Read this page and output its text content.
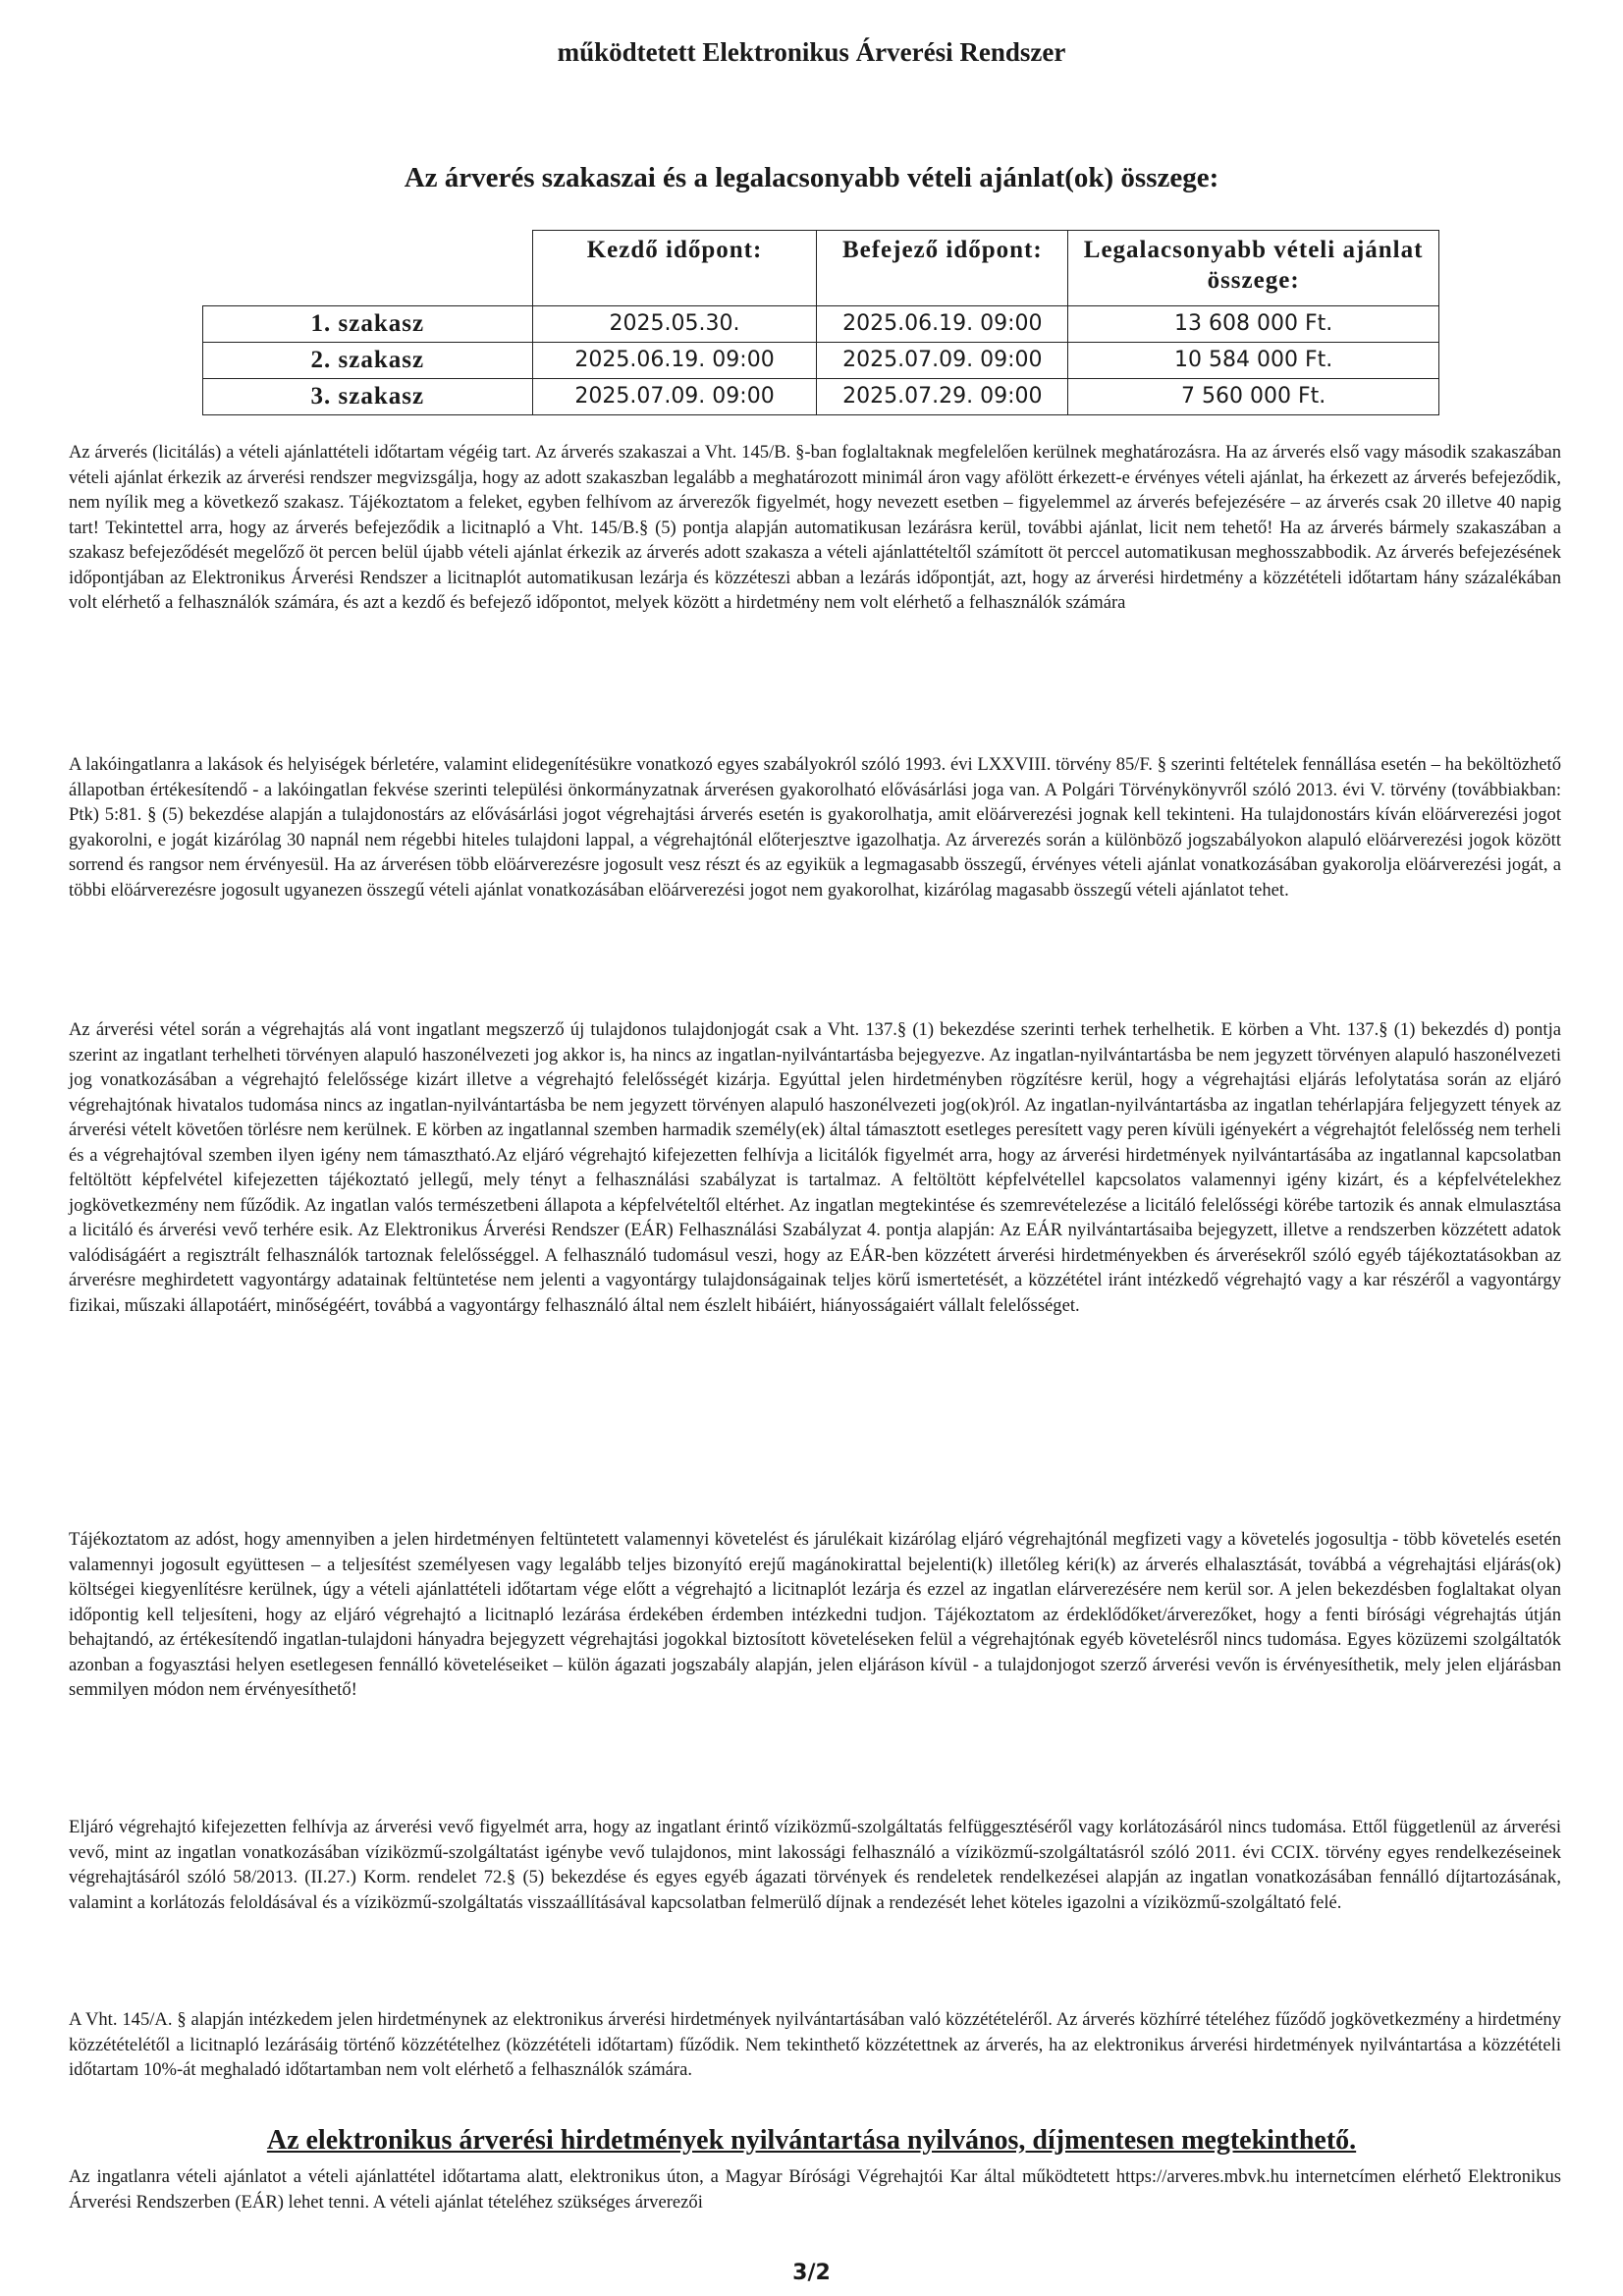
működtetett Elektronikus Árverési Rendszer
Az árverés szakaszai és a legalacsonyabb vételi ajánlat(ok) összege:
	Kezdő időpont:	Befejező időpont:	Legalacsonyabb vételi ajánlat összege:
1. szakasz	2025.05.30.	2025.06.19. 09:00	13 608 000 Ft.
2. szakasz	2025.06.19. 09:00	2025.07.09. 09:00	10 584 000 Ft.
3. szakasz	2025.07.09. 09:00	2025.07.29. 09:00	7 560 000 Ft.

Az árverés (licitálás) a vételi ajánlattételi időtartam végéig tart. Az árverés szakaszai a Vht. 145/B. §-ban foglaltaknak megfelelően kerülnek meghatározásra. Ha az árverés első vagy második szakaszában vételi ajánlat érkezik az árverési rendszer megvizsgálja, hogy az adott szakaszban legalább a meghatározott minimál áron vagy afölött érkezett-e érvényes vételi ajánlat, ha érkezett az árverés befejeződik, nem nyílik meg a következő szakasz. Tájékoztatom a feleket, egyben felhívom az árverezők figyelmét, hogy nevezett esetben – figyelemmel az árverés befejezésére – az árverés csak 20 illetve 40 napig tart! Tekintettel arra, hogy az árverés befejeződik a licitnapló a Vht. 145/B.§ (5) pontja alapján automatikusan lezárásra kerül, további ajánlat, licit nem tehető! Ha az árverés bármely szakaszában a szakasz befejeződését megelőző öt percen belül újabb vételi ajánlat érkezik az árverés adott szakasza a vételi ajánlattételtől számított öt perccel automatikusan meghosszabbodik. Az árverés befejezésének időpontjában az Elektronikus Árverési Rendszer a licitnaplót automatikusan lezárja és közzéteszi abban a lezárás időpontját, azt, hogy az árverési hirdetmény a közzétételi időtartam hány százalékában volt elérhető a felhasználók számára, és azt a kezdő és befejező időpontot, melyek között a hirdetmény nem volt elérhető a felhasználók számára

A lakóingatlanra a lakások és helyiségek bérletére, valamint elidegenítésükre vonatkozó egyes szabályokról szóló 1993. évi LXXVIII. törvény 85/F. § szerinti feltételek fennállása esetén – ha beköltözhető állapotban értékesítendő - a lakóingatlan fekvése szerinti települési önkormányzatnak árverésen gyakorolható elővásárlási joga van. A Polgári Törvénykönyvről szóló 2013. évi V. törvény (továbbiakban: Ptk) 5:81. § (5) bekezdése alapján a tulajdonostárs az elővásárlási jogot végrehajtási árverés esetén is gyakorolhatja, amit elöárverezési jognak kell tekinteni. Ha tulajdonostárs kíván elöárverezési jogot gyakorolni, e jogát kizárólag 30 napnál nem régebbi hiteles tulajdoni lappal, a végrehajtónál előterjesztve igazolhatja. Az árverezés során a különböző jogszabályokon alapuló elöárverezési jogok között sorrend és rangsor nem érvényesül. Ha az árverésen több elöárverezésre jogosult vesz részt és az egyikük a legmagasabb összegű, érvényes vételi ajánlat vonatkozásában gyakorolja elöárverezési jogát, a többi elöárverezésre jogosult ugyanezen összegű vételi ajánlat vonatkozásában elöárverezési jogot nem gyakorolhat, kizárólag magasabb összegű vételi ajánlatot tehet.

Az árverési vétel során a végrehajtás alá vont ingatlant megszerző új tulajdonos tulajdonjogát csak a Vht. 137.§ (1) bekezdése szerinti terhek terhelhetik. E körben a Vht. 137.§ (1) bekezdés d) pontja szerint az ingatlant terhelheti törvényen alapuló haszonélvezeti jog akkor is, ha nincs az ingatlan-nyilvántartásba bejegyezve. Az ingatlan-nyilvántartásba be nem jegyzett törvényen alapuló haszonélvezeti jog vonatkozásában a végrehajtó felelőssége kizárt illetve a végrehajtó felelősségét kizárja. Egyúttal jelen hirdetményben rögzítésre kerül, hogy a végrehajtási eljárás lefolytatása során az eljáró végrehajtónak hivatalos tudomása nincs az ingatlan-nyilvántartásba be nem jegyzett törvényen alapuló haszonélvezeti jog(ok)ról. Az ingatlan-nyilvántartásba az ingatlan tehérlapjára feljegyzett tények az árverési vételt követően törlésre nem kerülnek. E körben az ingatlannal szemben harmadik személy(ek) által támasztott esetleges peresített vagy peren kívüli igényekért a végrehajtót felelősség nem terheli és a végrehajtóval szemben ilyen igény nem támasztható.Az eljáró végrehajtó kifejezetten felhívja a licitálók figyelmét arra, hogy az árverési hirdetmények nyilvántartásába az ingatlannal kapcsolatban feltöltött képfelvétel kifejezetten tájékoztató jellegű, mely tényt a felhasználási szabályzat is tartalmaz. A feltöltött képfelvétellel kapcsolatos valamennyi igény kizárt, és a képfelvételekhez jogkövetkezmény nem fűződik. Az ingatlan valós természetbeni állapota a képfelvételtől eltérhet. Az ingatlan megtekintése és szemrevételezése a licitáló felelősségi körébe tartozik és annak elmulasztása a licitáló és árverési vevő terhére esik. Az Elektronikus Árverési Rendszer (EÁR) Felhasználási Szabályzat 4. pontja alapján: Az EÁR nyilvántartásaiba bejegyzett, illetve a rendszerben közzétett adatok valódiságáért a regisztrált felhasználók tartoznak felelősséggel. A felhasználó tudomásul veszi, hogy az EÁR-ben közzétett árverési hirdetményekben és árverésekről szóló egyéb tájékoztatásokban az árverésre meghirdetett vagyontárgy adatainak feltüntetése nem jelenti a vagyontárgy tulajdonságainak teljes körű ismertetését, a közzététel iránt intézkedő végrehajtó vagy a kar részéről a vagyontárgy fizikai, műszaki állapotáért, minőségéért, továbbá a vagyontárgy felhasználó által nem észlelt hibáiért, hiányosságaiért vállalt felelősséget.

Tájékoztatom az adóst, hogy amennyiben a jelen hirdetményen feltüntetett valamennyi követelést és járulékait kizárólag eljáró végrehajtónál megfizeti vagy a követelés jogosultja - több követelés esetén valamennyi jogosult együttesen – a teljesítést személyesen vagy legalább teljes bizonyító erejű magánokirattal bejelenti(k) illetőleg kéri(k) az árverés elhalasztását, továbbá a végrehajtási eljárás(ok) költségei kiegyenlítésre kerülnek, úgy a vételi ajánlattételi időtartam vége előtt a végrehajtó a licitnaplót lezárja és ezzel az ingatlan elárverezésére nem kerül sor. A jelen bekezdésben foglaltakat olyan időpontig kell teljesíteni, hogy az eljáró végrehajtó a licitnapló lezárása érdekében érdemben intézkedni tudjon. Tájékoztatom az érdeklődőket/árverezőket, hogy a fenti bírósági végrehajtás útján behajtandó, az értékesítendő ingatlan-tulajdoni hányadra bejegyzett végrehajtási jogokkal biztosított követeléseken felül a végrehajtónak egyéb követelésről nincs tudomása. Egyes közüzemi szolgáltatók azonban a fogyasztási helyen esetlegesen fennálló követeléseiket – külön ágazati jogszabály alapján, jelen eljáráson kívül - a tulajdonjogot szerző árverési vevőn is érvényesíthetik, mely jelen eljárásban semmilyen módon nem érvényesíthető!

Eljáró végrehajtó kifejezetten felhívja az árverési vevő figyelmét arra, hogy az ingatlant érintő víziközmű-szolgáltatás felfüggesztéséről vagy korlátozásáról nincs tudomása. Ettől függetlenül az árverési vevő, mint az ingatlan vonatkozásában víziközmű-szolgáltatást igénybe vevő tulajdonos, mint lakossági felhasználó a víziközmű-szolgáltatásról szóló 2011. évi CCIX. törvény egyes rendelkezéseinek végrehajtásáról szóló 58/2013. (II.27.) Korm. rendelet 72.§ (5) bekezdése és egyes egyéb ágazati törvények és rendeletek rendelkezései alapján az ingatlan vonatkozásában fennálló díjtartozásának, valamint a korlátozás feloldásával és a víziközmű-szolgáltatás visszaállításával kapcsolatban felmerülő díjnak a rendezését lehet köteles igazolni a víziközmű-szolgáltató felé.

A Vht. 145/A. § alapján intézkedem jelen hirdetménynek az elektronikus árverési hirdetmények nyilvántartásában való közzétételéről. Az árverés közhírré tételéhez fűződő jogkövetkezmény a hirdetmény közzétételétől a licitnapló lezárásáig történő közzétételhez (közzétételi időtartam) fűződik. Nem tekinthető közzétettnek az árverés, ha az elektronikus árverési hirdetmények nyilvántartása a közzétételi időtartam 10%-át meghaladó időtartamban nem volt elérhető a felhasználók számára.

Az elektronikus árverési hirdetmények nyilvántartása nyilvános, díjmentesen megtekinthető.

Az ingatlanra vételi ajánlatot a vételi ajánlattétel időtartama alatt, elektronikus úton, a Magyar Bírósági Végrehajtói Kar által működtetett https://arveres.mbvk.hu internetcímen elérhető Elektronikus Árverési Rendszerben (EÁR) lehet tenni. A vételi ajánlat tételéhez szükséges árverezői

3/2
